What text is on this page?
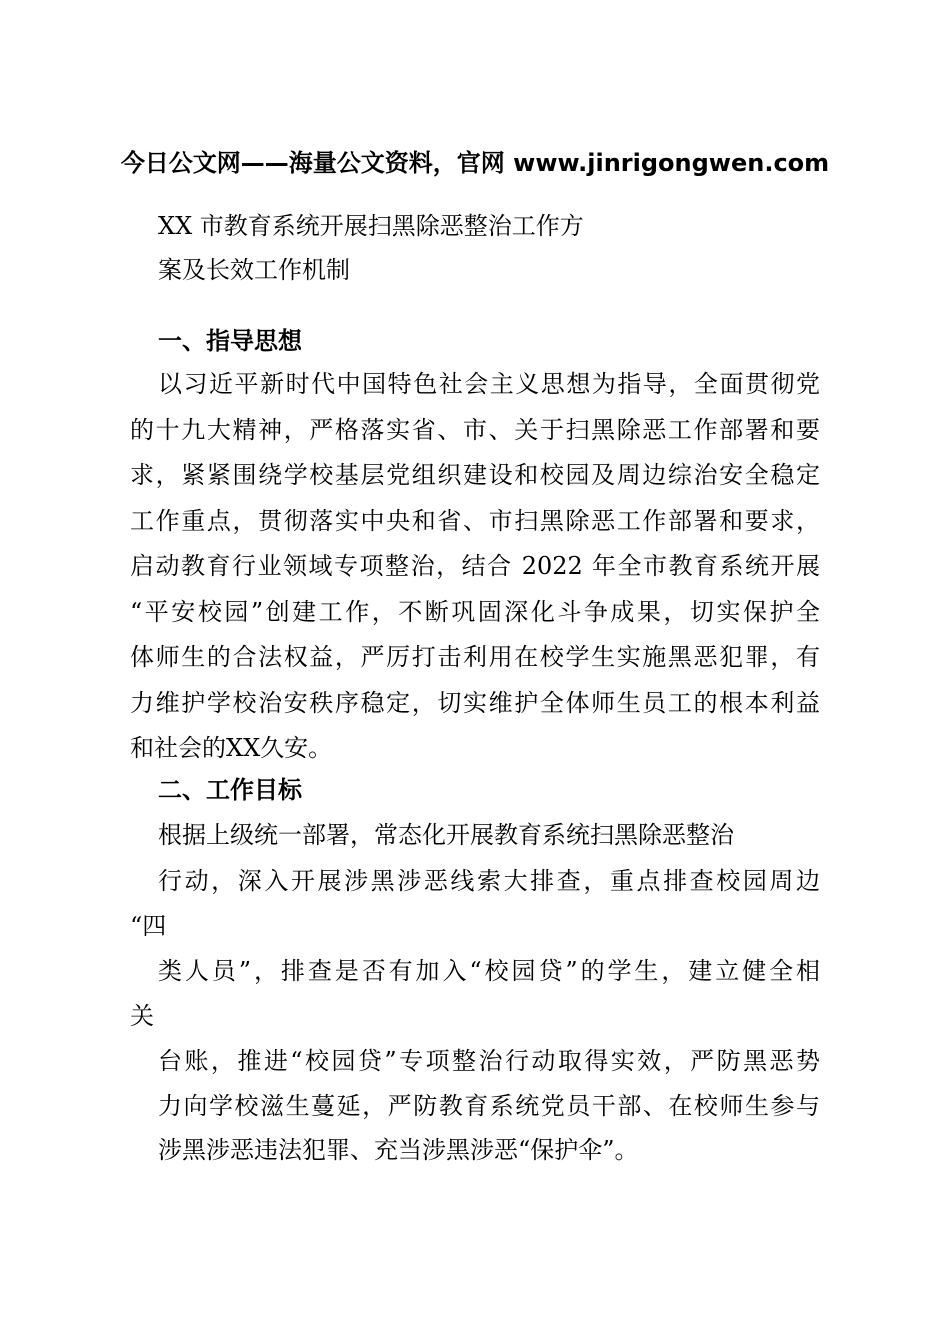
今日公文网——海量公文资料，官网 www.jinrigongwen.com
XX 市教育系统开展扫黑除恶整治工作方
案及长效工作机制
一、指导思想
以习近平新时代中国特色社会主义思想为指导，全面贯彻党
的十九大精神，严格落实省、市、关于扫黑除恶工作部署和要
求，紧紧围绕学校基层党组织建设和校园及周边综治安全稳定
工作重点，贯彻落实中央和省、市扫黑除恶工作部署和要求，
启动教育行业领域专项整治，结合 2022 年全市教育系统开展
“平安校园”创建工作，不断巩固深化斗争成果，切实保护全
体师生的合法权益，严厉打击利用在校学生实施黑恶犯罪，有
力维护学校治安秩序稳定，切实维护全体师生员工的根本利益
和社会的XX久安。
二、工作目标
根据上级统一部署，常态化开展教育系统扫黑除恶整治
行动，深入开展涉黑涉恶线索大排查，重点排查校园周边
“四
类人员”，排查是否有加入“校园贷”的学生，建立健全相
关
台账，推进“校园贷”专项整治行动取得实效，严防黑恶势
力向学校滋生蔓延，严防教育系统党员干部、在校师生参与
涉黑涉恶违法犯罪、充当涉黑涉恶“保护伞”。
